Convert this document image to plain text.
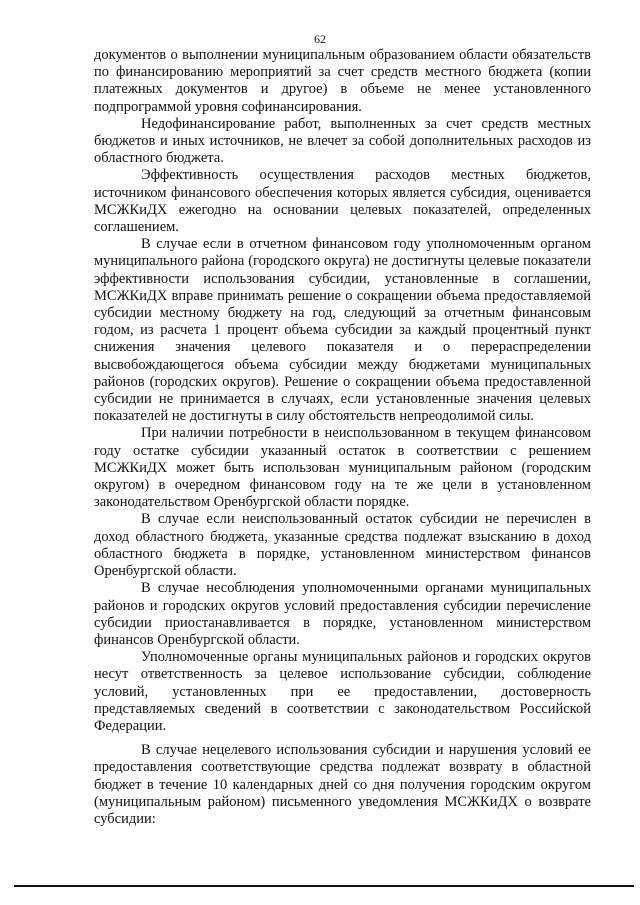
62

документов о выполнении муниципальным образованием области обязательств по финансированию мероприятий за счет средств местного бюджета (копии платежных документов и другое) в объеме не менее установленного подпрограммой уровня софинансирования.

Недофинансирование работ, выполненных за счет средств местных бюджетов и иных источников, не влечет за собой дополнительных расходов из областного бюджета.

Эффективность осуществления расходов местных бюджетов, источником финансового обеспечения которых является субсидия, оценивается МСЖКиДХ ежегодно на основании целевых показателей, определенных соглашением.

В случае если в отчетном финансовом году уполномоченным органом муниципального района (городского округа) не достигнуты целевые показатели эффективности использования субсидии, установленные в соглашении, МСЖКиДХ вправе принимать решение о сокращении объема предоставляемой субсидии местному бюджету на год, следующий за отчетным финансовым годом, из расчета 1 процент объема субсидии за каждый процентный пункт снижения значения целевого показателя и о перераспределении высвобождающегося объема субсидии между бюджетами муниципальных районов (городских округов). Решение о сокращении объема предоставленной субсидии не принимается в случаях, если установленные значения целевых показателей не достигнуты в силу обстоятельств непреодолимой силы.

При наличии потребности в неиспользованном в текущем финансовом году остатке субсидии указанный остаток в соответствии с решением МСЖКиДХ может быть использован муниципальным районом (городским округом) в очередном финансовом году на те же цели в установленном законодательством Оренбургской области порядке.

В случае если неиспользованный остаток субсидии не перечислен в доход областного бюджета, указанные средства подлежат взысканию в доход областного бюджета в порядке, установленном министерством финансов Оренбургской области.

В случае несоблюдения уполномоченными органами муниципальных районов и городских округов условий предоставления субсидии перечисление субсидии приостанавливается в порядке, установленном министерством финансов Оренбургской области.

Уполномоченные органы муниципальных районов и городских округов несут ответственность за целевое использование субсидии, соблюдение условий, установленных при ее предоставлении, достоверность представляемых сведений в соответствии с законодательством Российской Федерации.

В случае нецелевого использования субсидии и нарушения условий ее предоставления соответствующие средства подлежат возврату в областной бюджет в течение 10 календарных дней со дня получения городским округом (муниципальным районом) письменного уведомления МСЖКиДХ о возврате субсидии:
